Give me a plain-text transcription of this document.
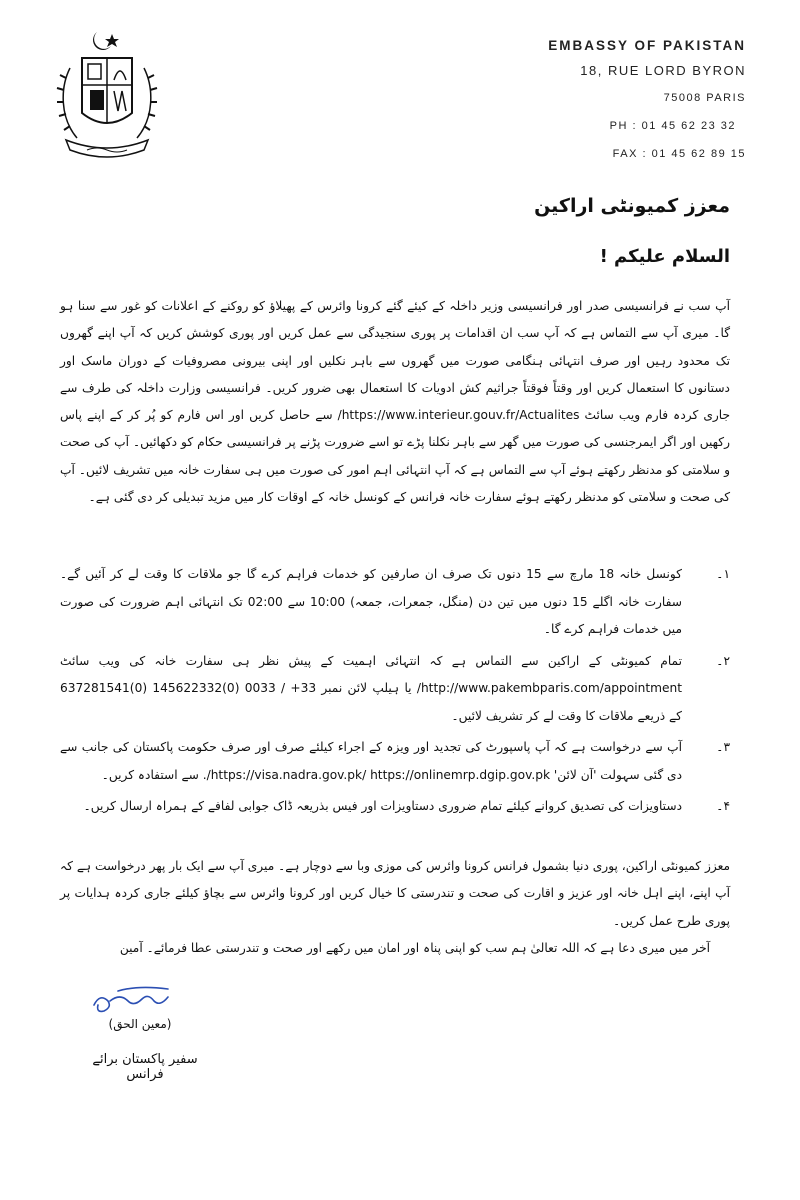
EMBASSY OF PAKISTAN
18, RUE LORD BYRON
75008 PARIS
PH : 01 45 62 23 32
FAX : 01 45 62 89 15
معزز کمیونٹی اراکین
السلام علیکم !
آپ سب نے فرانسیسی صدر اور فرانسیسی وزیر داخلہ کے کیئے گئے کرونا وائرس کے پھیلاؤ کو روکنے کے اعلانات کو غور سے سنا ہو گا۔ میری آپ سے التماس ہے کہ آپ سب ان اقدامات پر پوری سنجیدگی سے عمل کریں اور پوری کوشش کریں کہ آپ اپنے گھروں تک محدود رہیں اور صرف انتہائی ہنگامی صورت میں گھروں سے باہر نکلیں اور اپنی بیرونی مصروفیات کے دوران ماسک اور دستانوں کا استعمال کریں اور وقتاً فوقتاً جراثیم کش ادویات کا استعمال بھی ضرور کریں۔ فرانسیسی وزارت داخلہ کی طرف سے جاری کردہ فارم ویب سائٹ https://www.interieur.gouv.fr/Actualites/ سے حاصل کریں اور اس فارم کو پُر کر کے اپنے پاس رکھیں اور اگر ایمرجنسی کی صورت میں گھر سے باہر نکلنا پڑے تو اسے ضرورت پڑنے پر فرانسیسی حکام کو دکھائیں۔ آپ کی صحت و سلامتی کو مدنظر رکھتے ہوئے آپ سے التماس ہے کہ آپ انتہائی اہم امور کی صورت میں ہی سفارت خانہ میں تشریف لائیں۔ آپ کی صحت و سلامتی کو مدنظر رکھتے ہوئے سفارت خانہ فرانس کے کونسل خانہ کے اوقات کار میں مزید تبدیلی کر دی گئی ہے۔
۱۔
کونسل خانہ 18 مارچ سے 15 دنوں تک صرف ان صارفین کو خدمات فراہم کرے گا جو ملاقات کا وقت لے کر آئیں گے۔ سفارت خانہ اگلے 15 دنوں میں تین دن (منگل، جمعرات، جمعہ) 10:00 سے 02:00 تک انتہائی اہم ضرورت کی صورت میں خدمات فراہم کرے گا۔
۲۔
تمام کمیونٹی کے اراکین سے التماس ہے کہ انتہائی اہمیت کے پیش نظر ہی سفارت خانہ کی ویب سائٹ http://www.pakembparis.com/appointment/ یا ہیلپ لائن نمبر 33+ / 0033 (0)145622332 (0)637281541 کے ذریعے ملاقات کا وقت لے کر تشریف لائیں۔
۳۔
آپ سے درخواست ہے کہ آپ پاسپورٹ کی تجدید اور ویزہ کے اجراء کیلئے صرف اور صرف حکومت پاکستان کی جانب سے دی گئی سہولت 'آن لائن' https://visa.nadra.gov.pk/ https://onlinemrp.dgip.gov.pk/. سے استفادہ کریں۔
۴۔
دستاویزات کی تصدیق کروانے کیلئے تمام ضروری دستاویزات اور فیس بذریعہ ڈاک جوابی لفافے کے ہمراہ ارسال کریں۔
معزز کمیونٹی اراکین، پوری دنیا بشمول فرانس کرونا وائرس کی موزی وبا سے دوچار ہے۔ میری آپ سے ایک بار پھر درخواست ہے کہ آپ اپنے، اپنے اہل خانہ اور عزیز و اقارت کی صحت و تندرستی کا خیال کریں اور کرونا وائرس سے بچاؤ کیلئے جاری کردہ ہدایات پر پوری طرح عمل کریں۔
آخر میں میری دعا ہے کہ اللہ تعالیٰ ہم سب کو اپنی پناہ اور امان میں رکھے اور صحت و تندرستی عطا فرمائے۔ آمین
(معین الحق)
سفیر پاکستان برائے فرانس
